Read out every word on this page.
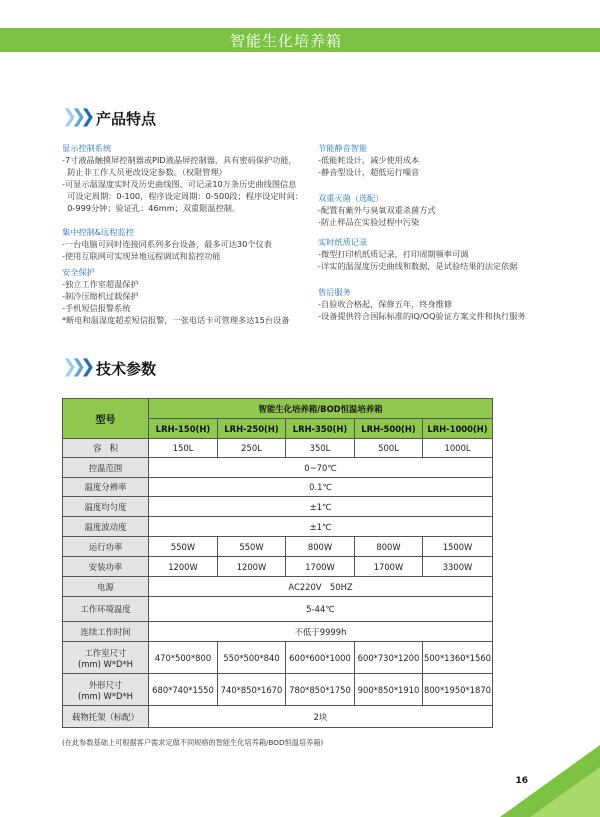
智能生化培养箱
❯❯❯ 产品特点
显示控制系统
-7寸液晶触摸屏控制器或PID液晶屏控制器，具有密码保护功能，
防止非工作人员更改设定参数。（权限管理）
-可显示温湿度实时及历史曲线图、可记录10万条历史曲线图信息
可设定周期：0-100，程序设定周期：0-500段；程序设定时间：
0-999分钟；验证孔：46mm；双重限温控制。
集中控制&远程监控
-一台电脑可同时连接同系列多台设备，最多可达30个仪表
-使用互联网可实现异地远程调试和监控功能
安全保护
-独立工作室超温保护
-制冷压缩机过载保护
-手机短信报警系统
*断电和温湿度超差短信报警，一张电话卡可管理多达15台设备
节能静音智能
-低能耗设计，减少使用成本
-静音型设计，超低运行噪音
双重灭菌（选配）
-配置有紫外与臭氧双重杀菌方式
-防止样品在实验过程中污染
实时纸质记录
-微型打印机纸质记录，打印周期频率可调
-详实的温湿度历史曲线和数据，是试验结果的法定依据
售后服务
-自验收合格起，保修五年，终身维修
-设备提供符合国际标准的IQ/OQ验证方案文件和执行服务
❯❯❯ 技术参数
型号	智能生化培养箱/BOD恒温培养箱				
	LRH-150(H)	LRH-250(H)	LRH-350(H)	LRH-500(H)	LRH-1000(H)

容　积	150L	250L	350L	500L	1000L

控温范围	0~70℃				

温度分辨率	0.1℃				

温度均匀度	±1℃				

温度波动度	±1℃				

运行功率	550W	550W	800W	800W	1500W

安装功率	1200W	1200W	1700W	1700W	3300W

电源	AC220V　50HZ				

工作环境温度	5-44℃				

连续工作时间	不低于9999h				

工作室尺寸
(mm) W*D*H	470*500*800	550*500*840	600*600*1000	600*730*1200	500*1360*1560

外形尺寸
(mm) W*D*H	680*740*1550	740*850*1670	780*850*1750	900*850*1910	800*1950*1870

载物托架（标配）	2块				
(在此参数基础上可根据客户需求定做不同规格的智能生化培养箱/BOD恒温培养箱)
16
